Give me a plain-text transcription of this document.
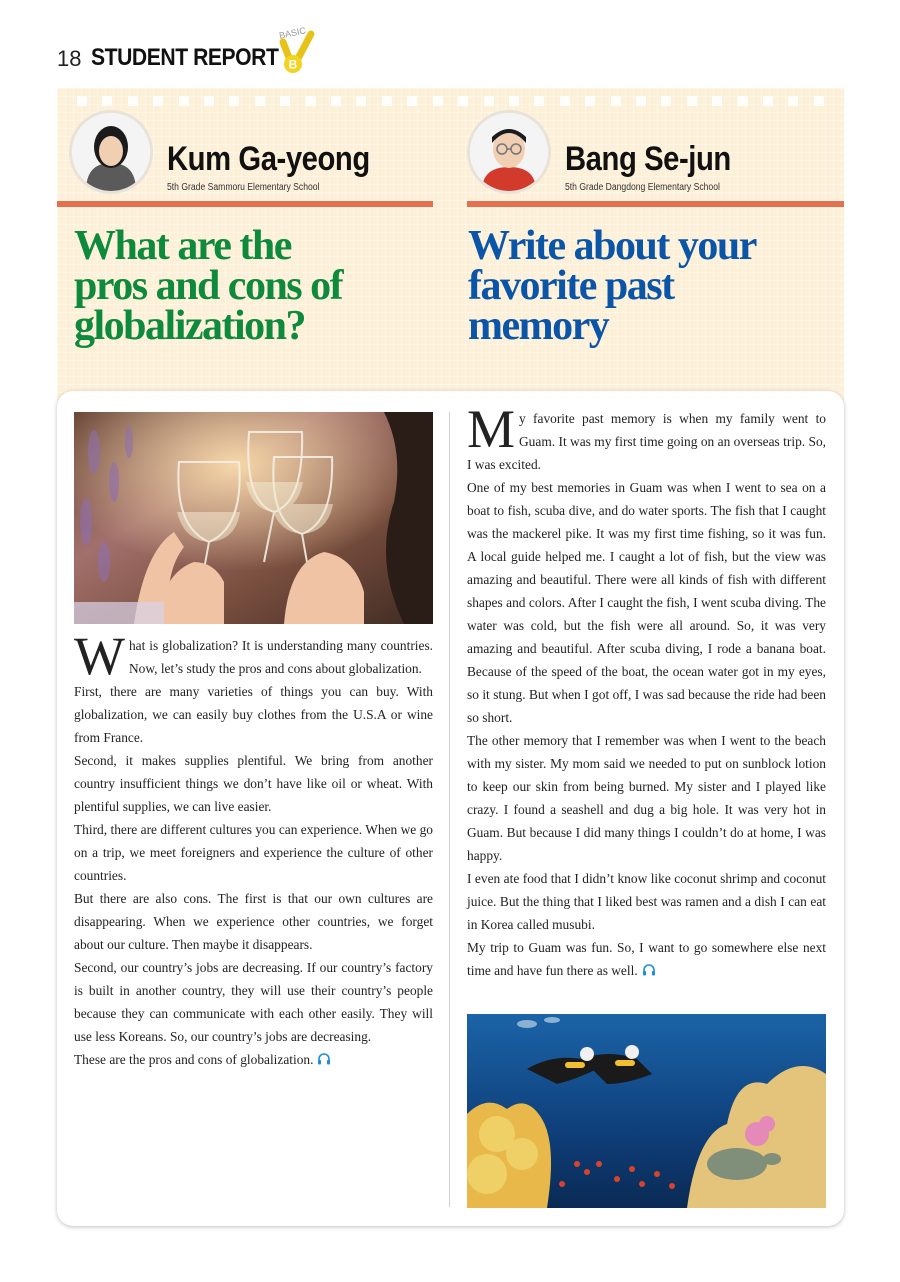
18 STUDENT REPORT
BASIC
B
Kum Ga-yeong
5th Grade Sammoru Elementary School
Bang Se-jun
5th Grade Dangdong Elementary School
What are the
pros and cons of
globalization?
Write about your
favorite past
memory

What is globalization? It is understanding many countries. Now, let’s study the pros and cons about globalization.

First, there are many varieties of things you can buy. With globalization, we can easily buy clothes from the U.S.A or wine from France.

Second, it makes supplies plentiful. We bring from another country insufficient things we don’t have like oil or wheat. With plentiful supplies, we can live easier.

Third, there are different cultures you can experience. When we go on a trip, we meet foreigners and experience the culture of other countries.

But there are also cons. The first is that our own cultures are disappearing. When we experience other countries, we forget about our culture. Then maybe it disappears.

Second, our country’s jobs are decreasing. If our country’s factory is built in another country, they will use their country’s people because they can communicate with each other easily. They will use less Koreans. So, our country’s jobs are decreasing.

These are the pros and cons of globalization.

My favorite past memory is when my family went to Guam. It was my first time going on an overseas trip. So, I was excited.

One of my best memories in Guam was when I went to sea on a boat to fish, scuba dive, and do water sports. The fish that I caught was the mackerel pike. It was my first time fishing, so it was fun. A local guide helped me. I caught a lot of fish, but the view was amazing and beautiful. There were all kinds of fish with different shapes and colors. After I caught the fish, I went scuba diving. The water was cold, but the fish were all around. So, it was very amazing and beautiful. After scuba diving, I rode a banana boat. Because of the speed of the boat, the ocean water got in my eyes, so it stung. But when I got off, I was sad because the ride had been so short.

The other memory that I remember was when I went to the beach with my sister. My mom said we needed to put on sunblock lotion to keep our skin from being burned. My sister and I played like crazy. I found a seashell and dug a big hole. It was very hot in Guam. But because I did many things I couldn’t do at home, I was happy.

I even ate food that I didn’t know like coconut shrimp and coconut juice. But the thing that I liked best was ramen and a dish I can eat in Korea called musubi.

My trip to Guam was fun. So, I want to go somewhere else next time and have fun there as well.
